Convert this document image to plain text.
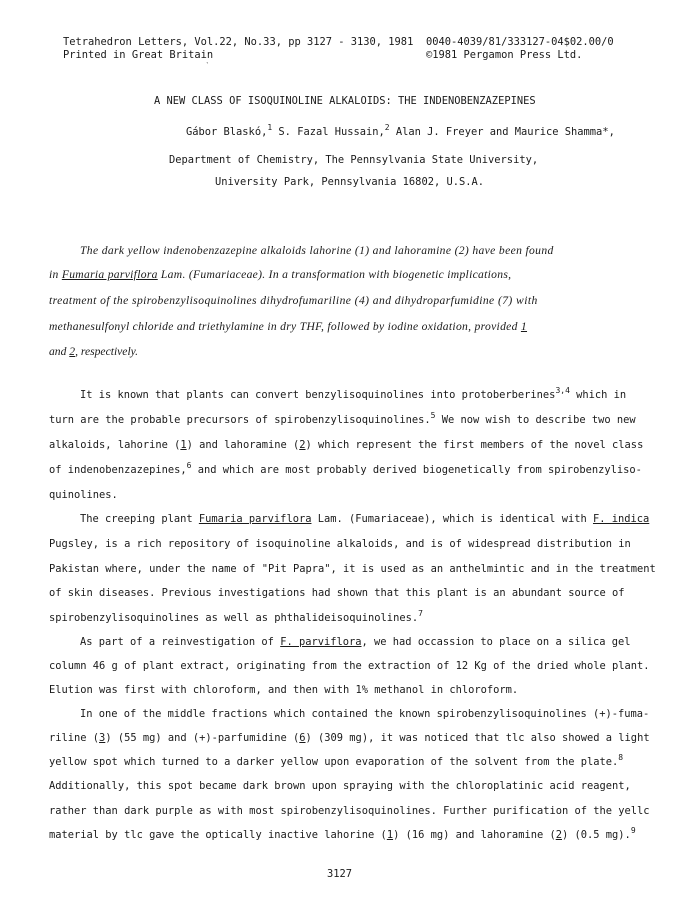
Tetrahedron Letters, Vol.22, No.33, pp 3127 - 3130, 1981
Printed in Great Britain
0040-4039/81/333127-04$02.00/0
©1981 Pergamon Press Ltd.
ˋ
A NEW CLASS OF ISOQUINOLINE ALKALOIDS: THE INDENOBENZAZEPINES
Gábor Blaskó,$^1$ S. Fazal Hussain,$^2$ Alan J. Freyer and Maurice Shamma*,
Department of Chemistry, The Pennsylvania State University,
University Park, Pennsylvania 16802, U.S.A.
The dark yellow indenobenzazepine alkaloids lahorine (1) and lahoramine (2) have been found
in Fumaria parviflora Lam. (Fumariaceae). In a transformation with biogenetic implications,
treatment of the spirobenzylisoquinolines dihydrofumariline (4) and dihydroparfumidine (7) with
methanesulfonyl chloride and triethylamine in dry THF, followed by iodine oxidation, provided 1
and 2, respectively.
It is known that plants can convert benzylisoquinolines into protoberberines$^{3,4}$ which in
turn are the probable precursors of spirobenzylisoquinolines.$^5$ We now wish to describe two new
alkaloids, lahorine (1) and lahoramine (2) which represent the first members of the novel class
of indenobenzazepines,$^6$ and which are most probably derived biogenetically from spirobenzyliso-
quinolines.
The creeping plant Fumaria parviflora Lam. (Fumariaceae), which is identical with F. indica
Pugsley, is a rich repository of isoquinoline alkaloids, and is of widespread distribution in
Pakistan where, under the name of "Pit Papra", it is used as an anthelmintic and in the treatment
of skin diseases. Previous investigations had shown that this plant is an abundant source of
spirobenzylisoquinolines as well as phthalideisoquinolines.$^7$
As part of a reinvestigation of F. parviflora, we had occassion to place on a silica gel
column 46 g of plant extract, originating from the extraction of 12 Kg of the dried whole plant.
Elution was first with chloroform, and then with 1% methanol in chloroform.
In one of the middle fractions which contained the known spirobenzylisoquinolines (+)-fuma-
riline (3) (55 mg) and (+)-parfumidine (6) (309 mg), it was noticed that tlc also showed a light
yellow spot which turned to a darker yellow upon evaporation of the solvent from the plate.$^8$
Additionally, this spot became dark brown upon spraying with the chloroplatinic acid reagent,
rather than dark purple as with most spirobenzylisoquinolines. Further purification of the yellc
material by tlc gave the optically inactive lahorine (1) (16 mg) and lahoramine (2) (0.5 mg).$^9$
3127
